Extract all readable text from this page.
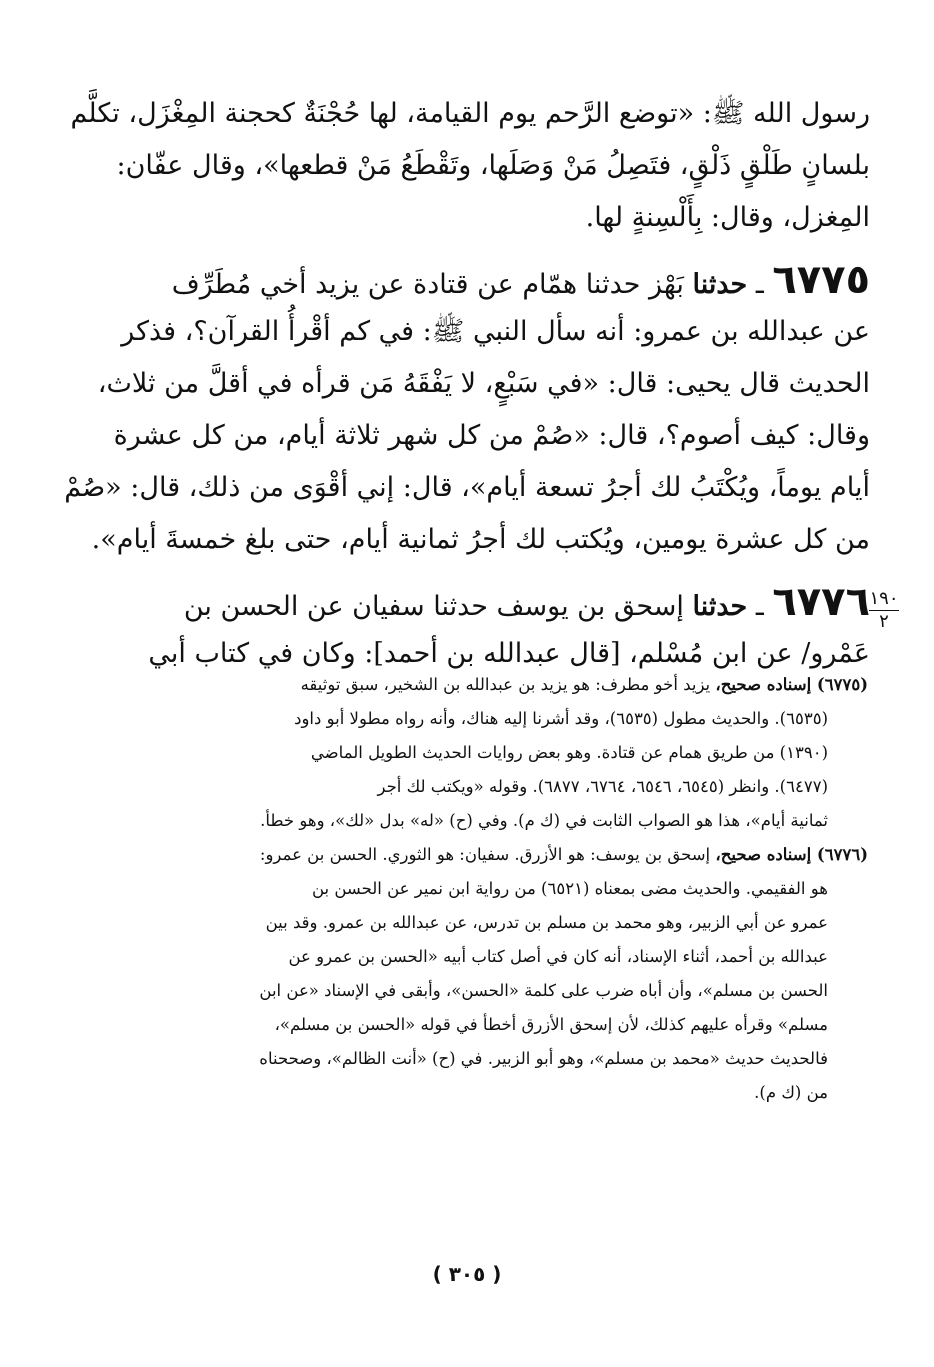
رسول الله ﷺ: «توضع الرَّحم يوم القيامة، لها حُجْنَةٌ كحجنة المِغْزَل، تكلَّم
بلسانٍ طَلْقٍ ذَلْقٍ، فتَصِلُ مَنْ وَصَلَها، وتَقْطَعُ مَنْ قطعها»، وقال عفّان:
المِغزل، وقال: بِأَلْسِنةٍ لها.
٦٧٧٥ ـ حدثنا بَهْز حدثنا همّام عن قتادة عن يزيد أخي مُطَرِّف
عن عبدالله بن عمرو: أنه سأل النبي ﷺ: في كم أقْرأُ القرآن؟، فذكر
الحديث قال يحيى: قال: «في سَبْعٍ، لا يَفْقَهُ مَن قرأه في أقلَّ من ثلاث،
وقال: كيف أصوم؟، قال: «صُمْ من كل شهر ثلاثة أيام، من كل عشرة
أيام يوماً، ويُكْتَبُ لك أجرُ تسعة أيام»، قال: إني أقْوَى من ذلك، قال: «صُمْ
من كل عشرة يومين، ويُكتب لك أجرُ ثمانية أيام، حتى بلغ خمسةَ أيام».
٦٧٧٦ ـ حدثنا إسحق بن يوسف حدثنا سفيان عن الحسن بن
عَمْرو/ عن ابن مُسْلم، [قال عبدالله بن أحمد]: وكان في كتاب أبي
١٩٠
٢
(٦٧٧٥) إسناده صحيح، يزيد أخو مطرف: هو يزيد بن عبدالله بن الشخير، سبق توثيقه
(٦٥٣٥). والحديث مطول (٦٥٣٥)، وقد أشرنا إليه هناك، وأنه رواه مطولا أبو داود
(١٣٩٠) من طريق همام عن قتادة. وهو بعض روايات الحديث الطويل الماضي
(٦٤٧٧). وانظر (٦٥٤٥، ٦٥٤٦، ٦٧٦٤، ٦٨٧٧). وقوله «ويكتب لك أجر
ثمانية أيام»، هذا هو الصواب الثابت في (ك م). وفي (ح) «له» بدل «لك»، وهو خطأ.
(٦٧٧٦) إسناده صحيح، إسحق بن يوسف: هو الأزرق. سفيان: هو الثوري. الحسن بن عمرو:
هو الفقيمي. والحديث مضى بمعناه (٦٥٢١) من رواية ابن نمير عن الحسن بن
عمرو عن أبي الزبير، وهو محمد بن مسلم بن تدرس، عن عبدالله بن عمرو. وقد بين
عبدالله بن أحمد، أثناء الإسناد، أنه كان في أصل كتاب أبيه «الحسن بن عمرو عن
الحسن بن مسلم»، وأن أباه ضرب على كلمة «الحسن»، وأبقى في الإسناد «عن ابن
مسلم» وقرأه عليهم كذلك، لأن إسحق الأزرق أخطأ في قوله «الحسن بن مسلم»،
فالحديث حديث «محمد بن مسلم»، وهو أبو الزبير. في (ح) «أنت الظالم»، وصححناه
من (ك م).
( ٣٠٥ )
